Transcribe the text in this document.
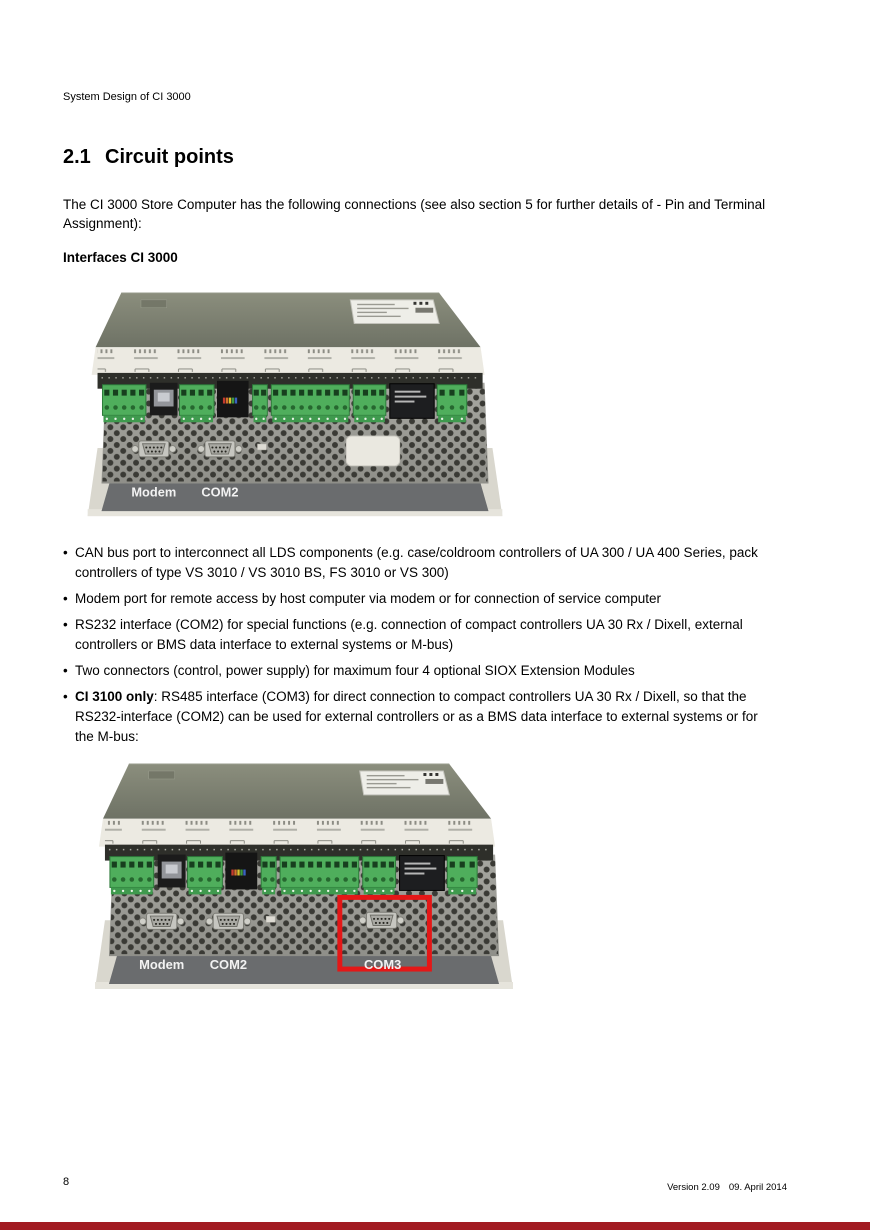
System Design of CI 3000
2.1 Circuit points

The CI 3000 Store Computer has the following connections (see also section 5 for further details of - Pin and Terminal Assignment):

Interfaces CI 3000

Modem COM2
• CAN bus port to interconnect all LDS components (e.g. case/coldroom controllers of UA 300 / UA 400 Series, pack controllers of type VS 3010 / VS 3010 BS, FS 3010 or VS 300)
• Modem port for remote access by host computer via modem or for connection of service computer
• RS232 interface (COM2) for special functions (e.g. connection of compact controllers UA 30 Rx / Dixell, external controllers or BMS data interface to external systems or M-bus)
• Two connectors (control, power supply) for maximum four 4 optional SIOX Extension Modules
• CI 3100 only: RS485 interface (COM3) for direct connection to compact controllers UA 30 Rx / Dixell, so that the RS232-interface (COM2) can be used for external controllers or as a BMS data interface to external systems or for the M-bus:
Modem COM2	COM3
8	Version 2.09 09. April 2014
